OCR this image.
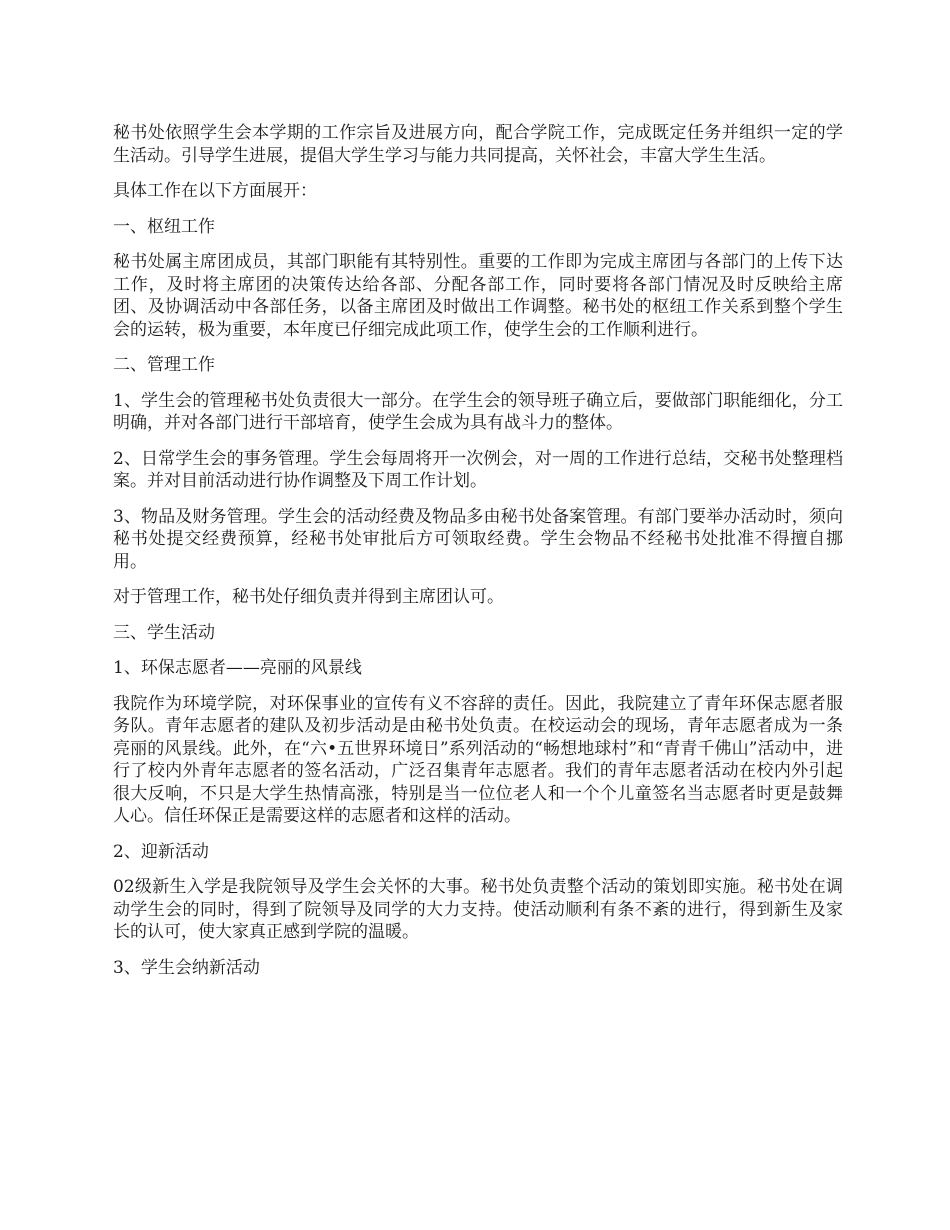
秘书处依照学生会本学期的工作宗旨及进展方向，配合学院工作，完成既定任务并组织一定的学生活动。引导学生进展，提倡大学生学习与能力共同提高，关怀社会，丰富大学生生活。

具体工作在以下方面展开：

一、枢纽工作

秘书处属主席团成员，其部门职能有其特别性。重要的工作即为完成主席团与各部门的上传下达工作，及时将主席团的决策传达给各部、分配各部工作，同时要将各部门情况及时反映给主席团、及协调活动中各部任务，以备主席团及时做出工作调整。秘书处的枢纽工作关系到整个学生会的运转，极为重要，本年度已仔细完成此项工作，使学生会的工作顺利进行。

二、管理工作

1、学生会的管理秘书处负责很大一部分。在学生会的领导班子确立后，要做部门职能细化，分工明确，并对各部门进行干部培育，使学生会成为具有战斗力的整体。

2、日常学生会的事务管理。学生会每周将开一次例会，对一周的工作进行总结，交秘书处整理档案。并对目前活动进行协作调整及下周工作计划。

3、物品及财务管理。学生会的活动经费及物品多由秘书处备案管理。有部门要举办活动时，须向秘书处提交经费预算，经秘书处审批后方可领取经费。学生会物品不经秘书处批准不得擅自挪用。

对于管理工作，秘书处仔细负责并得到主席团认可。

三、学生活动

1、环保志愿者——亮丽的风景线

我院作为环境学院，对环保事业的宣传有义不容辞的责任。因此，我院建立了青年环保志愿者服务队。青年志愿者的建队及初步活动是由秘书处负责。在校运动会的现场，青年志愿者成为一条亮丽的风景线。此外，在“六•五世界环境日”系列活动的“畅想地球村”和“青青千佛山”活动中，进行了校内外青年志愿者的签名活动，广泛召集青年志愿者。我们的青年志愿者活动在校内外引起很大反响，不只是大学生热情高涨，特别是当一位位老人和一个个儿童签名当志愿者时更是鼓舞人心。信任环保正是需要这样的志愿者和这样的活动。

2、迎新活动

02级新生入学是我院领导及学生会关怀的大事。秘书处负责整个活动的策划即实施。秘书处在调动学生会的同时，得到了院领导及同学的大力支持。使活动顺利有条不紊的进行，得到新生及家长的认可，使大家真正感到学院的温暖。

3、学生会纳新活动
